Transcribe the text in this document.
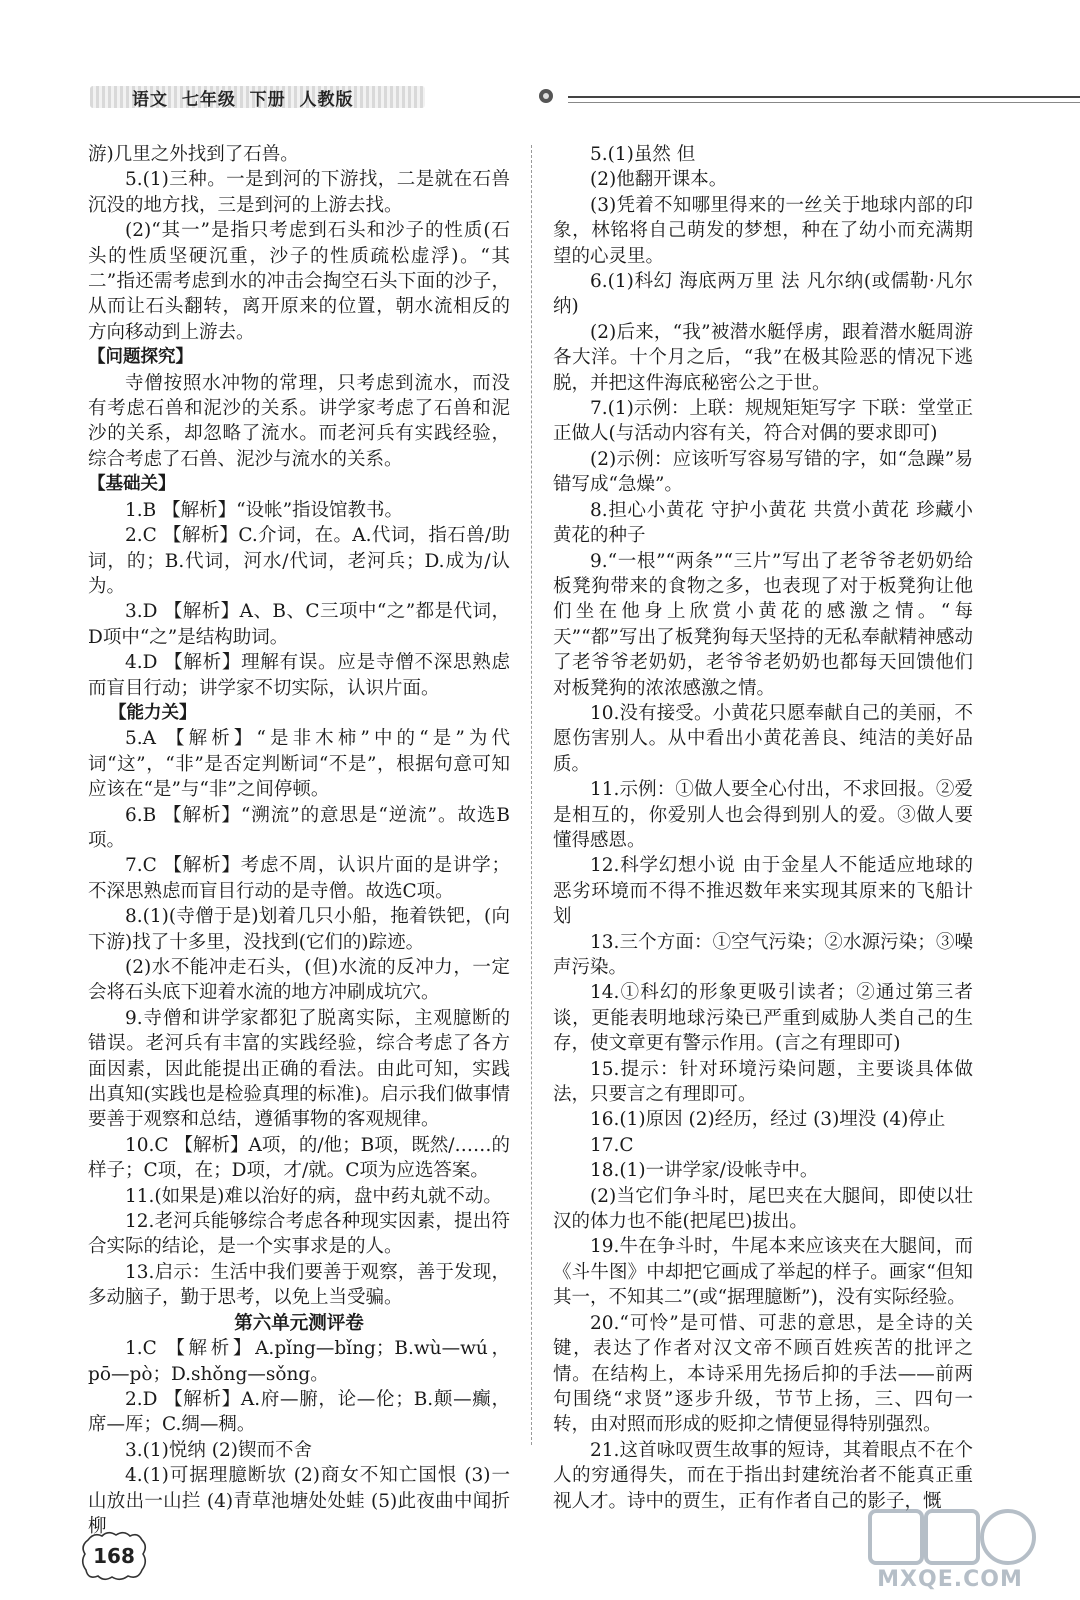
语文  七年级  下册  人教版

游)几里之外找到了石兽。

5.(1)三种。一是到河的下游找，二是就在石兽沉没的地方找，三是到河的上游去找。

(2)“其一”是指只考虑到石头和沙子的性质(石头的性质坚硬沉重，沙子的性质疏松虚浮)。“其二”指还需考虑到水的冲击会掏空石头下面的沙子，从而让石头翻转，离开原来的位置，朝水流相反的方向移动到上游去。

【问题探究】

寺僧按照水冲物的常理，只考虑到流水，而没有考虑石兽和泥沙的关系。讲学家考虑了石兽和泥沙的关系，却忽略了流水。而老河兵有实践经验，综合考虑了石兽、泥沙与流水的关系。

【基础关】

1.B 【解析】“设帐”指设馆教书。

2.C 【解析】C.介词，在。A.代词，指石兽/助词，的；B.代词，河水/代词，老河兵；D.成为/认为。

3.D 【解析】A、B、C三项中“之”都是代词，D项中“之”是结构助词。

4.D 【解析】理解有误。应是寺僧不深思熟虑而盲目行动；讲学家不切实际，认识片面。

【能力关】

5.A 【解析】“是非木柿”中的“是”为代词“这”，“非”是否定判断词“不是”，根据句意可知应该在“是”与“非”之间停顿。

6.B 【解析】“溯流”的意思是“逆流”。故选B项。

7.C 【解析】考虑不周，认识片面的是讲学；不深思熟虑而盲目行动的是寺僧。故选C项。

8.(1)(寺僧于是)划着几只小船，拖着铁钯，(向下游)找了十多里，没找到(它们的)踪迹。

(2)水不能冲走石头，(但)水流的反冲力，一定会将石头底下迎着水流的地方冲刷成坑穴。

9.寺僧和讲学家都犯了脱离实际，主观臆断的错误。老河兵有丰富的实践经验，综合考虑了各方面因素，因此能提出正确的看法。由此可知，实践出真知(实践也是检验真理的标准)。启示我们做事情要善于观察和总结，遵循事物的客观规律。

10.C 【解析】A项，的/他；B项，既然/……的样子；C项，在；D项，才/就。C项为应选答案。

11.(如果是)难以治好的病，盘中药丸就不动。

12.老河兵能够综合考虑各种现实因素，提出符合实际的结论，是一个实事求是的人。

13.启示：生活中我们要善于观察，善于发现，多动脑子，勤于思考，以免上当受骗。

第六单元测评卷

1.C 【解析】A.pǐng—bǐng；B.wù—wú，pō—pò；D.shǒng—sǒng。

2.D 【解析】A.府—腑，论—伦；B.颠—癫，席—厍；C.绸—稠。

3.(1)悦纳 (2)锲而不舍

4.(1)可据理臆断欤 (2)商女不知亡国恨 (3)一山放出一山拦 (4)青草池塘处处蛙 (5)此夜曲中闻折柳

5.(1)虽然 但

(2)他翻开课本。

(3)凭着不知哪里得来的一丝关于地球内部的印象，林铭将自己萌发的梦想，种在了幼小而充满期望的心灵里。

6.(1)科幻 海底两万里 法 凡尔纳(或儒勒·凡尔纳)

(2)后来，“我”被潜水艇俘虏，跟着潜水艇周游各大洋。十个月之后，“我”在极其险恶的情况下逃脱，并把这件海底秘密公之于世。

7.(1)示例：上联：规规矩矩写字 下联：堂堂正正做人(与活动内容有关，符合对偶的要求即可)

(2)示例：应该听写容易写错的字，如“急躁”易错写成“急燥”。

8.担心小黄花 守护小黄花 共赏小黄花 珍藏小黄花的种子

9.“一根”“两条”“三片”写出了老爷爷老奶奶给板凳狗带来的食物之多，也表现了对于板凳狗让他们坐在他身上欣赏小黄花的感激之情。“每天”“都”写出了板凳狗每天坚持的无私奉献精神感动了老爷爷老奶奶，老爷爷老奶奶也都每天回馈他们对板凳狗的浓浓感激之情。

10.没有接受。小黄花只愿奉献自己的美丽，不愿伤害别人。从中看出小黄花善良、纯洁的美好品质。

11.示例：①做人要全心付出，不求回报。②爱是相互的，你爱别人也会得到别人的爱。③做人要懂得感恩。

12.科学幻想小说 由于金星人不能适应地球的恶劣环境而不得不推迟数年来实现其原来的飞船计划

13.三个方面：①空气污染；②水源污染；③噪声污染。

14.①科幻的形象更吸引读者；②通过第三者谈，更能表明地球污染已严重到威胁人类自己的生存，使文章更有警示作用。(言之有理即可)

15.提示：针对环境污染问题，主要谈具体做法，只要言之有理即可。

16.(1)原因 (2)经历，经过 (3)埋没 (4)停止

17.C

18.(1)一讲学家/设帐寺中。

(2)当它们争斗时，尾巴夹在大腿间，即使以壮汉的体力也不能(把尾巴)拔出。

19.牛在争斗时，牛尾本来应该夹在大腿间，而《斗牛图》中却把它画成了举起的样子。画家“但知其一，不知其二”(或“据理臆断”)，没有实际经验。

20.“可怜”是可惜、可悲的意思，是全诗的关键，表达了作者对汉文帝不顾百姓疾苦的批评之情。在结构上，本诗采用先扬后抑的手法——前两句围绕“求贤”逐步升级，节节上扬，三、四句一转，由对照而形成的贬抑之情便显得特别强烈。

21.这首咏叹贾生故事的短诗，其着眼点不在个人的穷通得失，而在于指出封建统治者不能真正重视人才。诗中的贾生，正有作者自己的影子，慨

168
MXQE.COM
